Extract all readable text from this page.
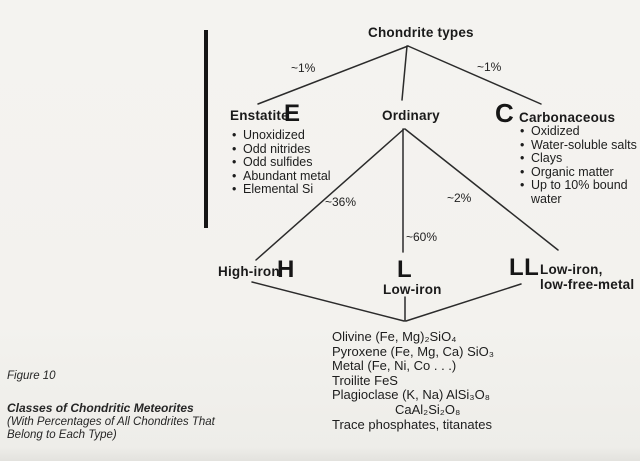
Chondrite types
~1%	~1%
~36%	~2%
~60%
Enstatite
E	Ordinary C Carbonaceous
• Unoxidized
• Odd nitrides
• Odd sulfides
• Abundant metal
• Elemental Si
• Oxidized
• Water-soluble salts
• Clays
• Organic matter
• Up to 10% bound water
High-iron
H	L
Low-iron
LL Low-iron,
low-free-metal
Olivine (Fe, Mg)₂SiO₄
Pyroxene (Fe, Mg, Ca) SiO₃
Metal (Fe, Ni, Co . . .)
Troilite FeS
Plagioclase (K, Na) AlSi₃O₈
CaAl₂Si₂O₈
Trace phosphates, titanates
Figure 10
Classes of Chondritic Meteorites
(With Percentages of All Chondrites That
Belong to Each Type)
